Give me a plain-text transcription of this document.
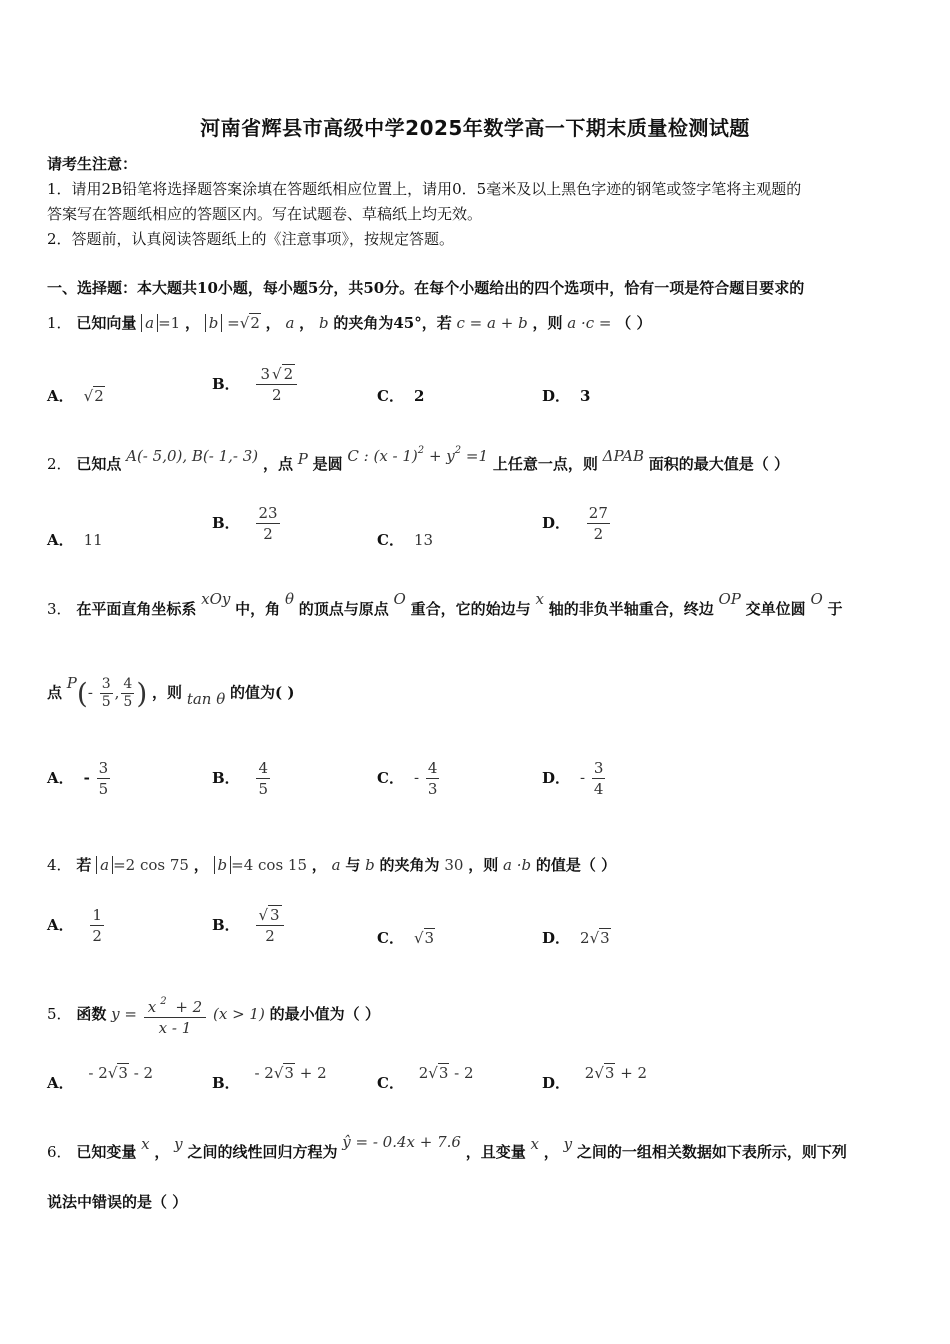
河南省辉县市高级中学2025年数学高一下期末质量检测试题
请考生注意：
1．请用2B铅笔将选择题答案涂填在答题纸相应位置上，请用0．5毫米及以上黑色字迹的钢笔或签字笔将主观题的
答案写在答题纸相应的答题区内。写在试题卷、草稿纸上均无效。
2．答题前，认真阅读答题纸上的《注意事项》，按规定答题。
一、选择题：本大题共10小题，每小题5分，共50分。在每个小题给出的四个选项中，恰有一项是符合题目要求的
1． 已知向量 a =1 ， b =√2 ， a ， b 的夹角为45°，若 c = a + b ，则 a ·c = （ ）
A． √2
B． $\frac{3 √ 2}{2}$	C． 2	D． 3
2． 已知点 A(- 5,0), B(- 1,- 3) ，点 P 是圆 C : $(x - 1)^2 + y^2 =1$ 上任意一点，则 ΔPAB 面积的最大值是（ ）
A． 11
B． $\frac{23}{2}$	C． 13
D． $\frac{27}{2}$
3． 在平面直角坐标系 xOy 中，角 θ 的顶点与原点 O 重合，它的始边与 x 轴的非负半轴重合，终边 OP 交单位圆 O 于
点 $P(- \frac{3}{5}$ , $\frac{4}{5}$ ) ，则 tan θ 的值为( )
A． - $\frac{3}{5}$	B． $\frac{4}{5}$	C． - $\frac{4}{3}$	D． - $\frac{3}{4}$
4． 若 a =2 cos 75 ， b =4 cos 15 ， a 与 b 的夹角为 30 ，则 a ·b 的值是（ ）
A． $\frac{1}{2}$	B． $\frac{√ 3}{2}$	C． √3	D． 2√3
5． 函数 $y = \frac{x ^2 + 2}{x - 1} (x > 1)$ 的最小值为（ ）
A． - 2√3 - 2
B． - 2√3 + 2
C． 2√3 - 2
D． 2√3 + 2
6． 已知变量 x ， y 之间的线性回归方程为 ŷ = - 0.4x + 7.6 ，且变量 x ， y 之间的一组相关数据如下表所示，则下列
说法中错误的是（ ）
